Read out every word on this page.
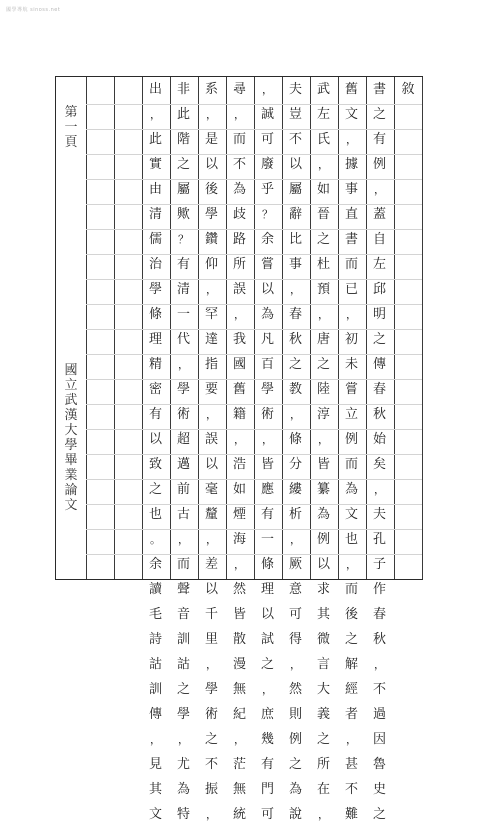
國學導航 sinoss.net
第
一
頁
國
立
武
漢
大
學
畢
業
論
文
敘
書
之
有
例
，
蓋
自
左
邱
明
之
傳
春
秋
始
矣
，
夫
孔
子
作
春
秋
，
不
過
因
魯
史
之
舊
文
，
據
事
直
書
而
已
，
初
未
嘗
立
例
而
為
文
也
，
而
後
之
解
經
者
，
甚
不
難
武
左
氏
，
如
晉
之
杜
預
，
唐
之
陸
淳
，
皆
纂
為
例
以
求
其
微
言
大
義
之
所
在
，
夫
豈
不
以
屬
辭
比
事
，
春
秋
之
教
，
條
分
縷
析
，
厥
意
可
得
，
然
則
例
之
為
說
，
誠
可
廢
乎
？
余
嘗
以
為
凡
百
學
術
，
皆
應
有
一
條
理
以
試
之
，
庶
幾
有
門
可
尋
，
而
不
為
歧
路
所
誤
，
我
國
舊
籍
，
浩
如
煙
海
，
然
皆
散
漫
無
紀
，
茫
無
統
系
，
是
以
後
學
鑽
仰
，
罕
達
指
要
，
誤
以
毫
釐
，
差
以
千
里
，
學
術
之
不
振
，
非
此
階
之
屬
歟
？
有
清
一
代
，
學
術
超
邁
前
古
，
而
聲
音
訓
詁
之
學
，
尤
為
特
出
，
此
實
由
清
儒
治
學
條
理
精
密
有
以
致
之
也
。
余
讀
毛
詩
詁
訓
傳
，
見
其
文
